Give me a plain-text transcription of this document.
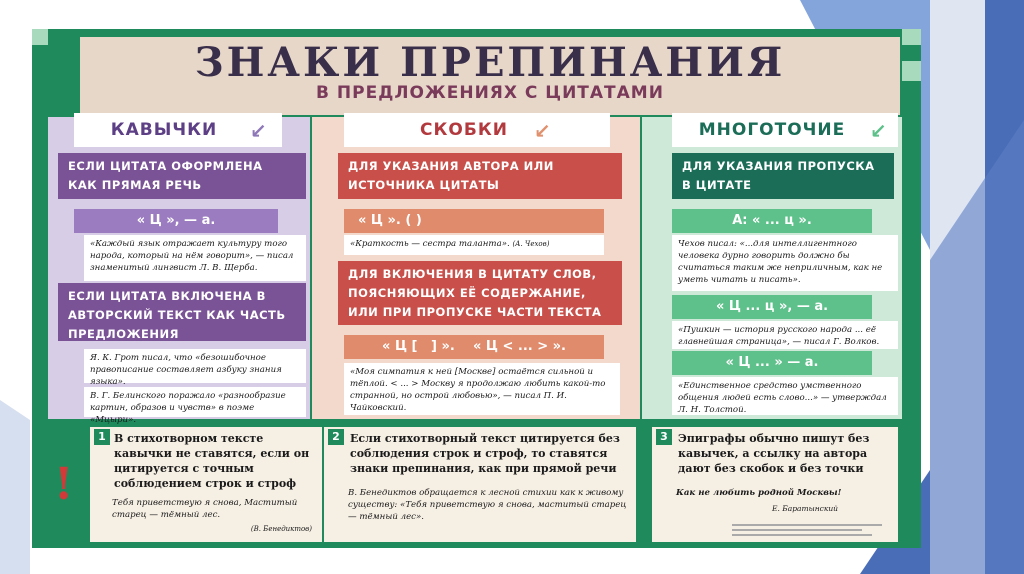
ЗНАКИ ПРЕПИНАНИЯ
В ПРЕДЛОЖЕНИЯХ С ЦИТАТАМИ
КАВЫЧКИ	↙	СКОБКИ	↙	МНОГОТОЧИЕ	↙
ЕСЛИ ЦИТАТА ОФОРМЛЕНА КАК ПРЯМАЯ РЕЧЬ
« Ц », — а.
«Каждый язык отражает культуру того народа, который на нём говорит», — писал знаменитый лингвист Л. В. Щерба.
ЕСЛИ ЦИТАТА ВКЛЮЧЕНА В АВТОРСКИЙ ТЕКСТ КАК ЧАСТЬ ПРЕДЛОЖЕНИЯ
Я. К. Грот писал, что «безошибочное правописание составляет азбуку знания языка».
В. Г. Белинского поражало «разнообразие картин, образов и чувств» в поэме «Мцыри».
ДЛЯ УКАЗАНИЯ АВТОРА ИЛИ ИСТОЧНИКА ЦИТАТЫ
« Ц ». ( )
«Краткость — сестра таланта». (А. Чехов)
ДЛЯ ВКЛЮЧЕНИЯ В ЦИТАТУ СЛОВ, ПОЯСНЯЮЩИХ ЕЁ СОДЕРЖАНИЕ, ИЛИ ПРИ ПРОПУСКЕ ЧАСТИ ТЕКСТА
« Ц [   ] ».    « Ц < ... > ».
«Моя симпатия к ней [Москве] остаётся сильной и тёплой. < ... > Москву я продолжаю любить какой-то странной, но острой любовью», — писал П. И. Чайковский.
ДЛЯ УКАЗАНИЯ ПРОПУСКА В ЦИТАТЕ
А: « ... ц ».
Чехов писал: «...для интеллигентного человека дурно говорить должно бы считаться таким же неприличным, как не уметь читать и писать».
« Ц ... ц », — а.
«Пушкин — история русского народа ... её главнейшая страница», — писал Г. Волков.
« Ц ... » — а.
«Единственное средство умственного общения людей есть слово...» — утверждал Л. Н. Толстой.
!
1 В стихотворном тексте кавычки не ставятся, если он цитируется с точным соблюдением строк и строф
Тебя приветствую я снова, Маститый старец — тёмный лес.
(В. Бенедиктов)
2 Если стихотворный текст цитируется без соблюдения строк и строф, то ставятся знаки препинания, как при прямой речи
В. Бенедиктов обращается к лесной стихии как к живому существу: «Тебя приветствую я снова, маститый старец — тёмный лес».
3 Эпиграфы обычно пишут без кавычек, а ссылку на автора дают без скобок и без точки
Как не любить родной Москвы!
Е. Баратынский
